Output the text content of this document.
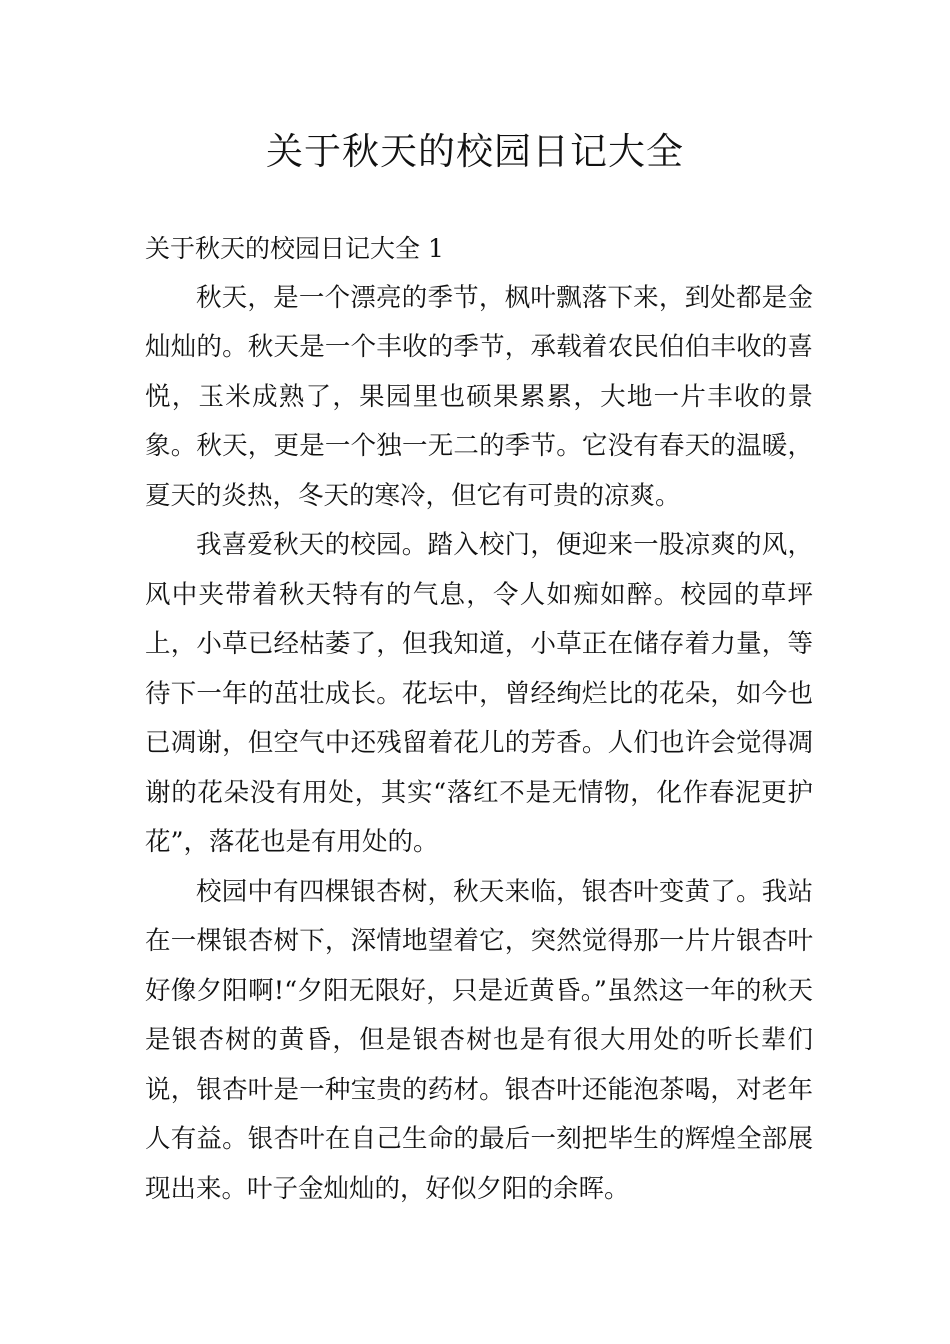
关于秋天的校园日记大全

关于秋天的校园日记大全 1

秋天，是一个漂亮的季节，枫叶飘落下来，到处都是金灿灿的。秋天是一个丰收的季节，承载着农民伯伯丰收的喜悦，玉米成熟了，果园里也硕果累累，大地一片丰收的景象。秋天，更是一个独一无二的季节。它没有春天的温暖，夏天的炎热，冬天的寒冷，但它有可贵的凉爽。

我喜爱秋天的校园。踏入校门，便迎来一股凉爽的风，风中夹带着秋天特有的气息，令人如痴如醉。校园的草坪上，小草已经枯萎了，但我知道，小草正在储存着力量，等待下一年的茁壮成长。花坛中，曾经绚烂比的花朵，如今也已凋谢，但空气中还残留着花儿的芳香。人们也许会觉得凋谢的花朵没有用处，其实“落红不是无情物，化作春泥更护花”，落花也是有用处的。

校园中有四棵银杏树，秋天来临，银杏叶变黄了。我站在一棵银杏树下，深情地望着它，突然觉得那一片片银杏叶好像夕阳啊!“夕阳无限好，只是近黄昏。”虽然这一年的秋天是银杏树的黄昏，但是银杏树也是有很大用处的听长辈们说，银杏叶是一种宝贵的药材。银杏叶还能泡茶喝，对老年人有益。银杏叶在自己生命的最后一刻把毕生的辉煌全部展现出来。叶子金灿灿的，好似夕阳的余晖。
